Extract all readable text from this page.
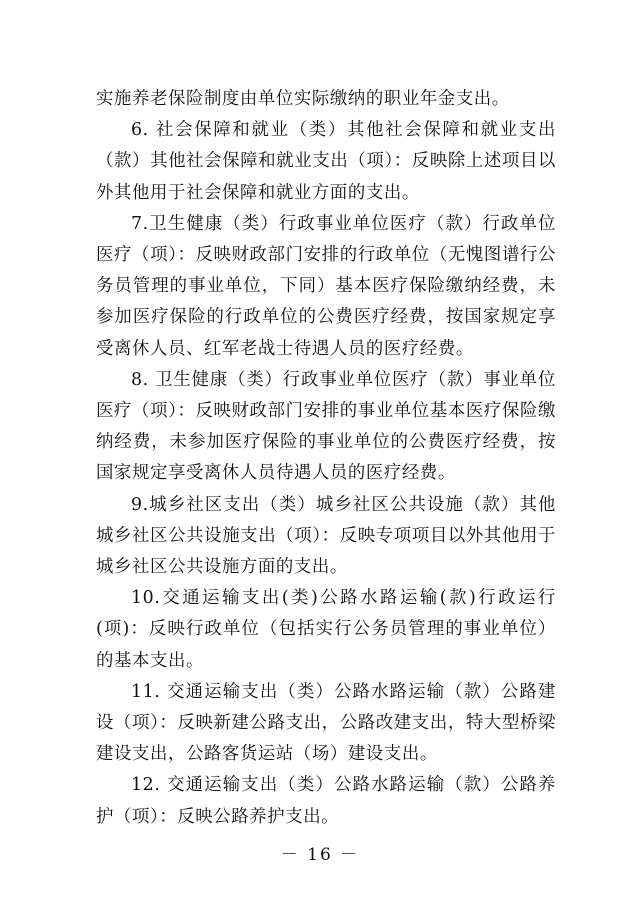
实施养老保险制度由单位实际缴纳的职业年金支出。

6. 社会保障和就业（类）其他社会保障和就业支出（款）其他社会保障和就业支出（项）：反映除上述项目以外其他用于社会保障和就业方面的支出。

7.卫生健康（类）行政事业单位医疗（款）行政单位医疗（项）：反映财政部门安排的行政单位（无愧图谱行公务员管理的事业单位，下同）基本医疗保险缴纳经费，未参加医疗保险的行政单位的公费医疗经费，按国家规定享受离休人员、红军老战士待遇人员的医疗经费。

8. 卫生健康（类）行政事业单位医疗（款）事业单位医疗（项）：反映财政部门安排的事业单位基本医疗保险缴纳经费，未参加医疗保险的事业单位的公费医疗经费，按国家规定享受离休人员待遇人员的医疗经费。

9.城乡社区支出（类）城乡社区公共设施（款）其他城乡社区公共设施支出（项）：反映专项项目以外其他用于城乡社区公共设施方面的支出。

10.交通运输支出(类)公路水路运输(款)行政运行(项)：反映行政单位（包括实行公务员管理的事业单位）的基本支出。

11. 交通运输支出（类）公路水路运输（款）公路建设（项）：反映新建公路支出，公路改建支出，特大型桥梁建设支出，公路客货运站（场）建设支出。

12. 交通运输支出（类）公路水路运输（款）公路养护（项）：反映公路养护支出。

－ 16 －
